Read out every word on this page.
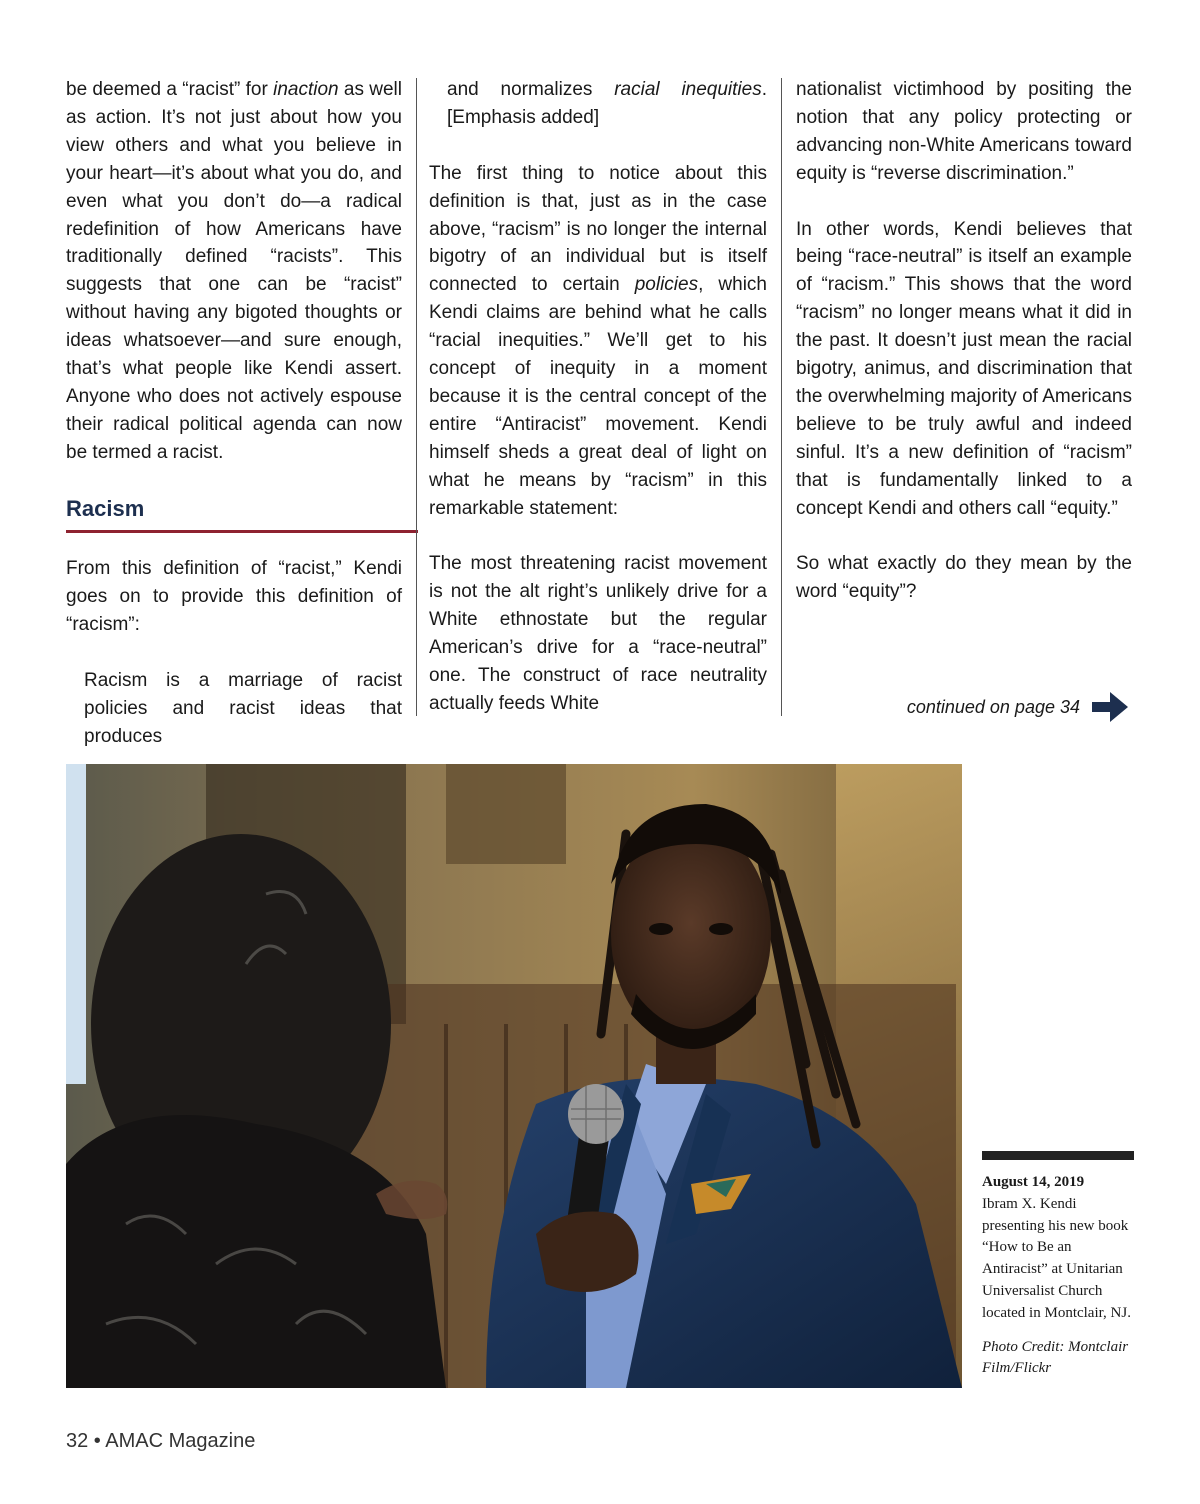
be deemed a “racist” for inaction as well as action. It’s not just about how you view others and what you believe in your heart—it’s about what you do, and even what you don’t do—a radical redefinition of how Americans have traditionally defined “racists”. This suggests that one can be “racist” without having any bigoted thoughts or ideas whatsoever—and sure enough, that’s what people like Kendi assert. Anyone who does not actively espouse their radical political agenda can now be termed a racist.

Racism

From this definition of “racist,” Kendi goes on to provide this definition of “racism”:

Racism is a marriage of racist policies and racist ideas that produces

and normalizes racial inequities. [Emphasis added]

The first thing to notice about this definition is that, just as in the case above, “racism” is no longer the internal bigotry of an individual but is itself connected to certain policies, which Kendi claims are behind what he calls “racial inequities.” We’ll get to his concept of inequity in a moment because it is the central concept of the entire “Antiracist” movement. Kendi himself sheds a great deal of light on what he means by “racism” in this remarkable statement:

The most threatening racist movement is not the alt right’s unlikely drive for a White ethnostate but the regular American’s drive for a “race-neutral” one. The construct of race neutrality actually feeds White

nationalist victimhood by positing the notion that any policy protecting or advancing non-White Americans toward equity is “reverse discrimination.”

In other words, Kendi believes that being “race-neutral” is itself an example of “racism.” This shows that the word “racism” no longer means what it did in the past. It doesn’t just mean the racial bigotry, animus, and discrimination that the overwhelming majority of Americans believe to be truly awful and indeed sinful. It’s a new definition of “racism” that is fundamentally linked to a concept Kendi and others call “equity.”

So what exactly do they mean by the word “equity”?

continued on page 34
August 14, 2019
Ibram X. Kendi presenting his new book “How to Be an Antiracist” at Unitarian Universalist Church located in Montclair, NJ.
Photo Credit: Montclair Film/Flickr
32 • AMAC Magazine
